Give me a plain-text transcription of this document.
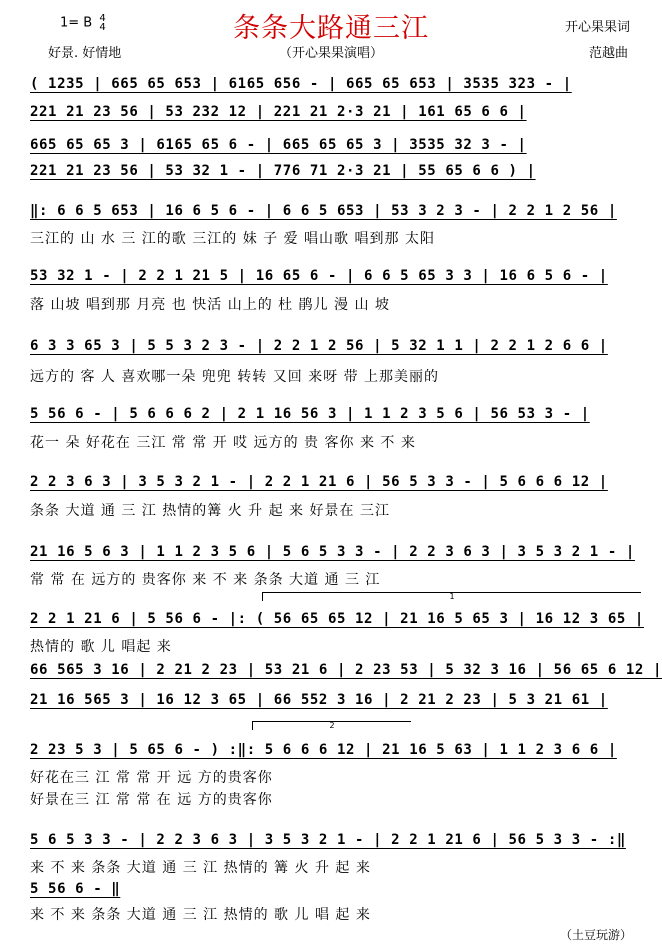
1= B 4
4
好景. 好情地
条条大路通三江
（开心果果演唱）
开心果果词
范越曲
( 1235 | 665 65 653 | 6165 656 - | 665 65 653 | 3535 323 - |
221 21 23 56 | 53 232 12 | 221 21 2·3 21 | 161 65 6 6 |
665 65 65 3 | 6165 65 6 - | 665 65 65 3 | 3535 32 3 - |
221 21 23 56 | 53 32 1 - | 776 71 2·3 21 | 55 65 6 6 ) |
‖: 6 6 5 653 | 16 6 5 6 - | 6 6 5 653 | 53 3 2 3 - | 2 2 1 2 56 |
三江的 山 水 三 江的歌 三江的 妹 子 爱 唱山歌 唱到那 太阳
53 32 1 - | 2 2 1 21 5 | 16 65 6 - | 6 6 5 65 3 3 | 16 6 5 6 - |
落 山坡 唱到那 月亮 也 快活 山上的 杜 鹃儿 漫 山 坡
6 3 3 65 3 | 5 5 3 2 3 - | 2 2 1 2 56 | 5 32 1 1 | 2 2 1 2 6 6 |
远方的 客 人 喜欢哪一朵 兜兜 转转 又回 来呀 带 上那美丽的
5 56 6 - | 5 6 6 6 2 | 2 1 16 56 3 | 1 1 2 3 5 6 | 56 53 3 - |
花一 朵 好花在 三江 常 常 开 哎 远方的 贵 客你 来 不 来
2 2 3 6 3 | 3 5 3 2 1 - | 2 2 1 21 6 | 56 5 3 3 - | 5 6 6 6 12 |
条条 大道 通 三 江 热情的篝 火 升 起 来 好景在 三江
21 16 5 6 3 | 1 1 2 3 5 6 | 5 6 5 3 3 - | 2 2 3 6 3 | 3 5 3 2 1 - |
常 常 在 远方的 贵客你 来 不 来 条条 大道 通 三 江
2 2 1 21 6 | 5 56 6 - |: ( 56 65 65 12 | 21 16 5 65 3 | 16 12 3 65 |
热情的 歌 儿 唱起 来
66 565 3 16 | 2 21 2 23 | 53 21 6 | 2 23 53 | 5 32 3 16 | 56 65 6 12 |
21 16 565 3 | 16 12 3 65 | 66 552 3 16 | 2 21 2 23 | 5 3 21 61 |
2 23 5 3 | 5 65 6 - ) :‖: 5 6 6 6 12 | 21 16 5 63 | 1 1 2 3 6 6 |
好花在三 江 常 常 开 远 方的贵客你
好景在三 江 常 常 在 远 方的贵客你
5 6 5 3 3 - | 2 2 3 6 3 | 3 5 3 2 1 - | 2 2 1 21 6 | 56 5 3 3 - :‖
来 不 来 条条 大道 通 三 江 热情的 篝 火 升 起 来
5 56 6 - ‖
来 不 来 条条 大道 通 三 江 热情的 歌 儿 唱 起 来
1
2
（土豆玩游）
